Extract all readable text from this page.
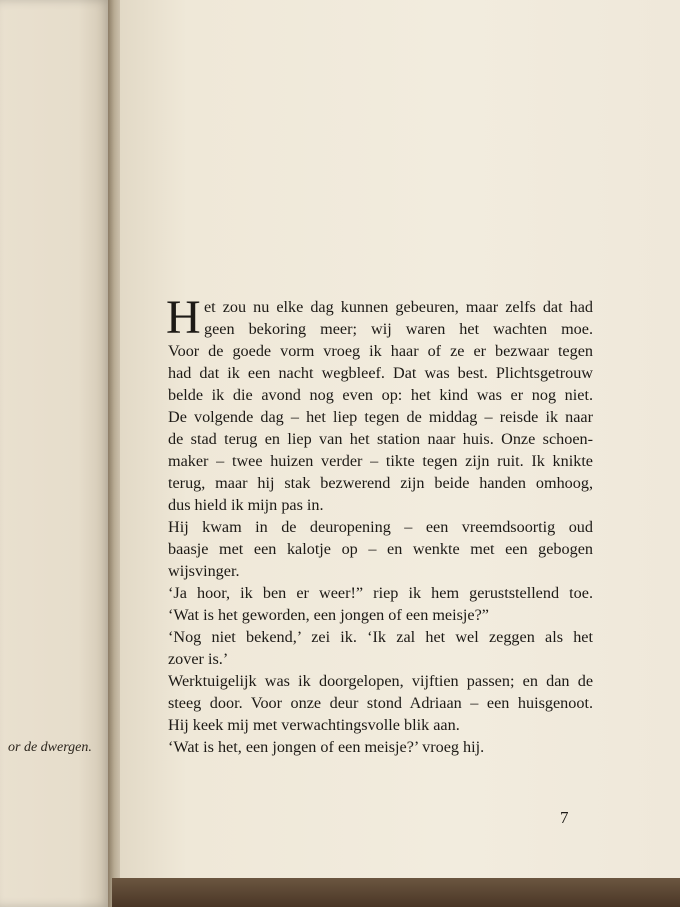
or de dwergen.
H et zou nu elke dag kunnen gebeuren, maar zelfs dat had
geen bekoring meer; wij waren het wachten moe.
Voor de goede vorm vroeg ik haar of ze er bezwaar tegen
had dat ik een nacht wegbleef. Dat was best. Plichtsgetrouw
belde ik die avond nog even op: het kind was er nog niet.
De volgende dag – het liep tegen de middag – reisde ik naar
de stad terug en liep van het station naar huis. Onze schoen-
maker – twee huizen verder – tikte tegen zijn ruit. Ik knikte
terug, maar hij stak bezwerend zijn beide handen omhoog,
dus hield ik mijn pas in.
Hij kwam in de deuropening – een vreemdsoortig oud
baasje met een kalotje op – en wenkte met een gebogen
wijsvinger.
‘Ja hoor, ik ben er weer!” riep ik hem geruststellend toe.
‘Wat is het geworden, een jongen of een meisje?”
‘Nog niet bekend,’ zei ik. ‘Ik zal het wel zeggen als het
zover is.’
Werktuigelijk was ik doorgelopen, vijftien passen; en dan de
steeg door. Voor onze deur stond Adriaan – een huisgenoot.
Hij keek mij met verwachtingsvolle blik aan.
‘Wat is het, een jongen of een meisje?’ vroeg hij.
7
